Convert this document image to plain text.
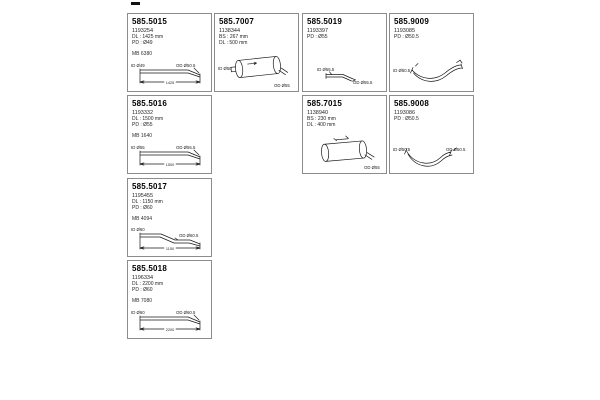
585.5015
1193254
DL : 1425 mm
PD : Ø49
MB 6380
ID Ø49	OD Ø50.5
1425
585.7007
1138344
BS : 267 mm
DL : 500 mm
ID Ø50
OD Ø55
585.5019
1193397
PD : Ø55
ID Ø55.5
OD Ø55.5
585.9009
1193085
PD : Ø50.5
ID Ø50.5
585.5016
1193332
DL : 1500 mm
PD : Ø55
MB 1640
ID Ø55	OD Ø55.5
1500
585.7015
1138940
BS : 230 mm
DL : 400 mm
OD Ø55
585.9008
1193086
PD : Ø50.5
ID Ø50.5	OD Ø50.5
585.5017
1195455
DL : 1150 mm
PD : Ø60
MB 4094
ID Ø60
OD Ø60.5
1150
585.5018
1196334
DL : 2200 mm
PD : Ø60
MB 7080
ID Ø60	OD Ø60.5
2200
